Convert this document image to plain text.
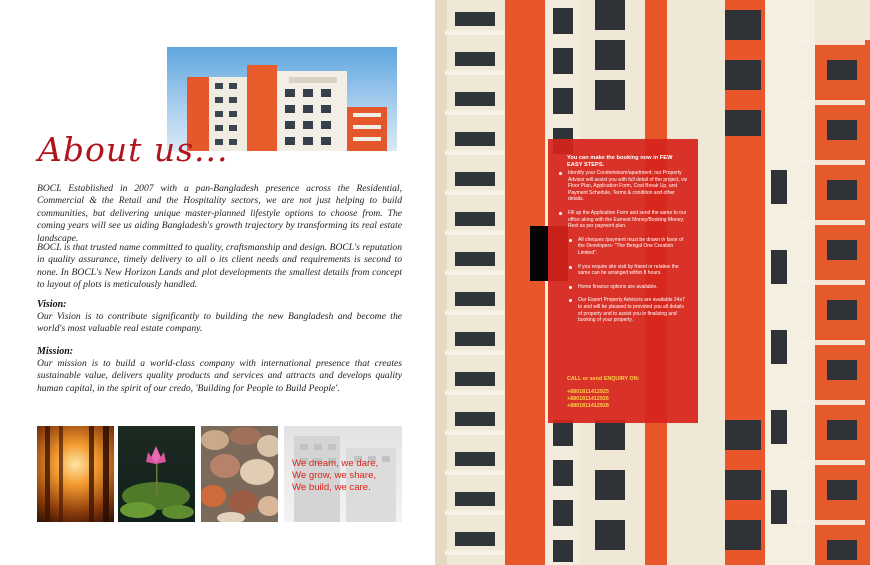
About us...

BOCL Established in 2007 with a pan-Bangladesh presence across the Residential, Commercial & the Retail and the Hospitality sectors, we are not just helping to build communities, but delivering unique master-planned lifestyle options to choose from. The coming years will see us aiding Bangladesh's growth trajectory by transforming its real estate landscape.

BOCL is that trusted name committed to quality, craftsmanship and design. BOCL's reputation in quality assurance, timely delivery to all o its client needs and requirements is second to none. In BOCL's New Horizon Lands and plot developments the smallest details from concept to layout of plots is meticulously handled.

Vision:

Our Vision is to contribute significantly to building the new Bangladesh and become the world's most valuable real estate company.

Mission:

Our mission is to build a world-class company with international presence that creates sustainable value, delivers quality products and services and attracts and develops quality human capital, in the spirit of our credo, 'Building for People to Build People'.

We dream, we dare,
We grow, we share,
We build, we care.

You can make the booking now in FEW EASY STEPS.

Identify your Condominium/apartment; our Property Advisor will assist you with full detail of the project, viz Floor Plan, Application Form, Cost Break Up, and Payment Schedule, Terms & condition and other details.
Fill up the Application Form and send the same to our office along with the Earnest Money/Booking Money; Rest as per payment plan.
All cheques /payment must be drawn in favor of the Developers- "The Bengal One Creation Limited".
If you require site visit by friend or relative the same can be arranged within 8 hours.
Home finance options are available.
Our Expert Property Advisors are available 24x7 to and will be pleased to provided you all details of property and to assist you in finalizing and booking of your property.

CALL or send ENQUIRY ON:

+8801811412925
+8801811412926
+8801811412928
